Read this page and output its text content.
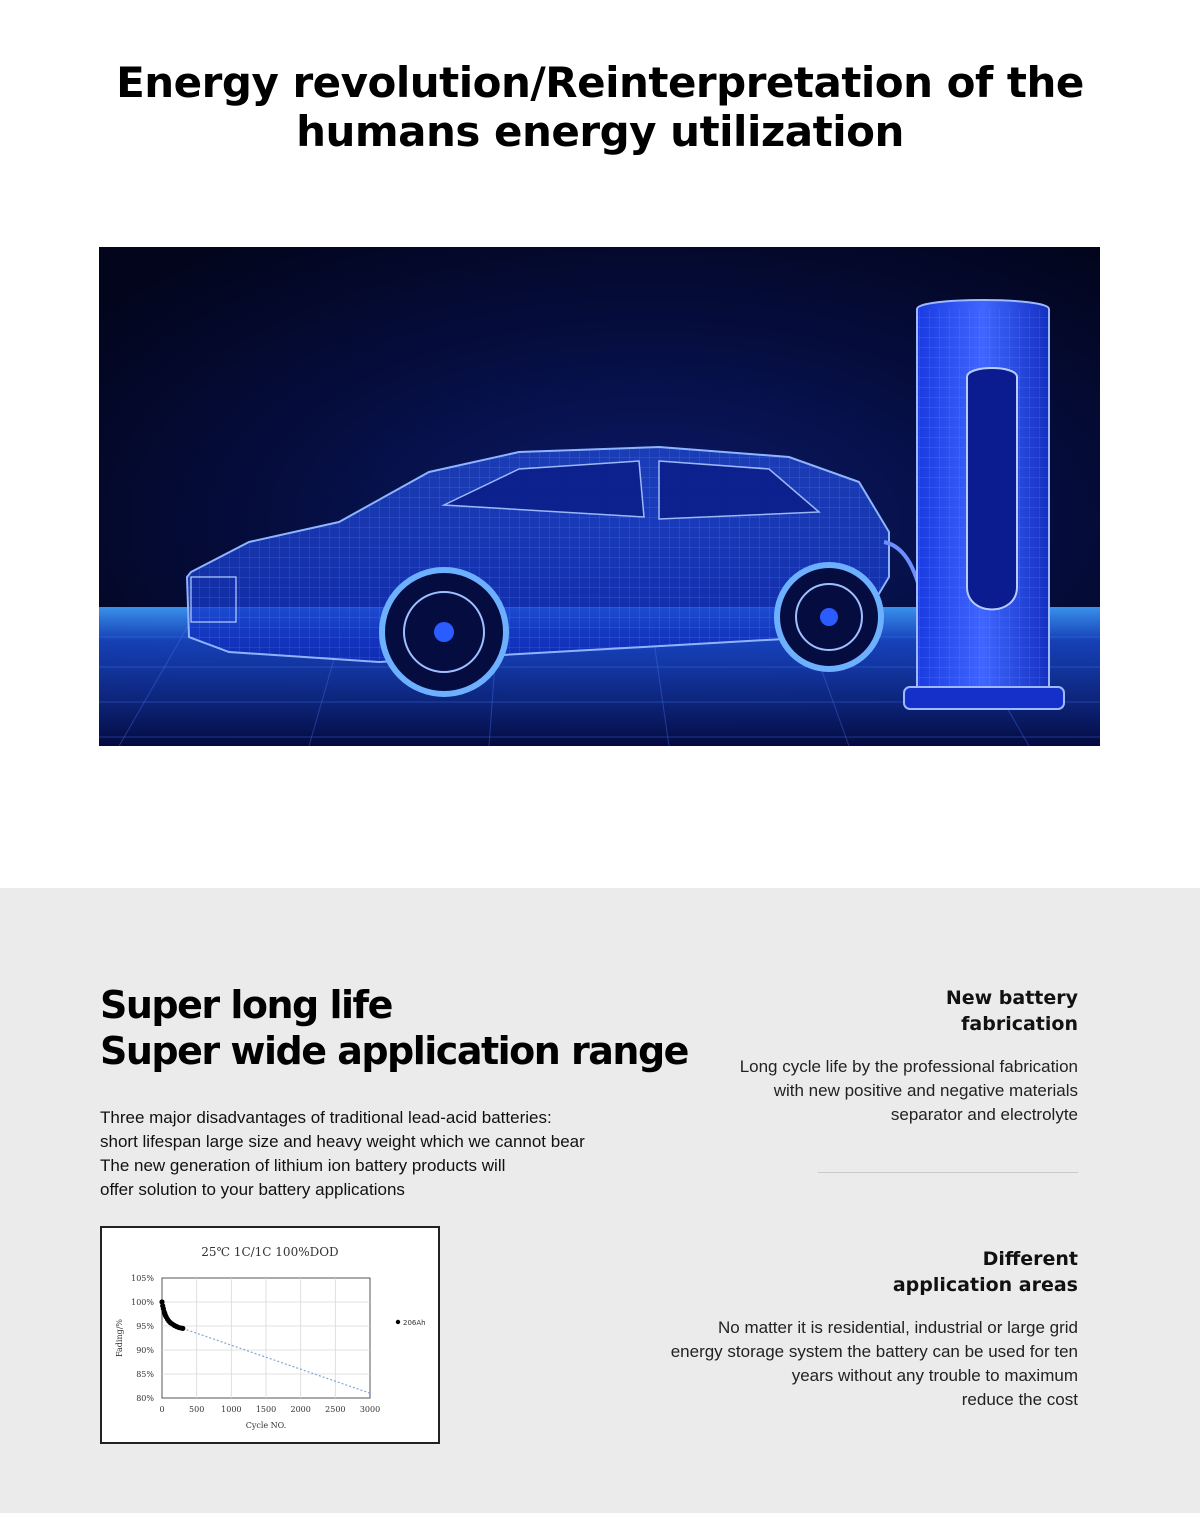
Energy revolution/Reinterpretation of the
humans energy utilization
Super long life
Super wide application range
Three major disadvantages of traditional lead-acid batteries:
short lifespan large size and heavy weight which we cannot bear
The new generation of lithium ion battery products will
offer solution to your battery applications
25℃ 1C/1C 100%DOD
Fading/%
Cycle NO.
0	500 1000 1500 2000 2500 3000
105%
100%
95%
90%
85%
80%
206Ah
New battery
fabrication
Long cycle life by the professional fabrication
with new positive and negative materials
separator and electrolyte
Different
application areas
No matter it is residential, industrial or large grid
energy storage system the battery can be used for ten
years without any trouble to maximum
reduce the cost
